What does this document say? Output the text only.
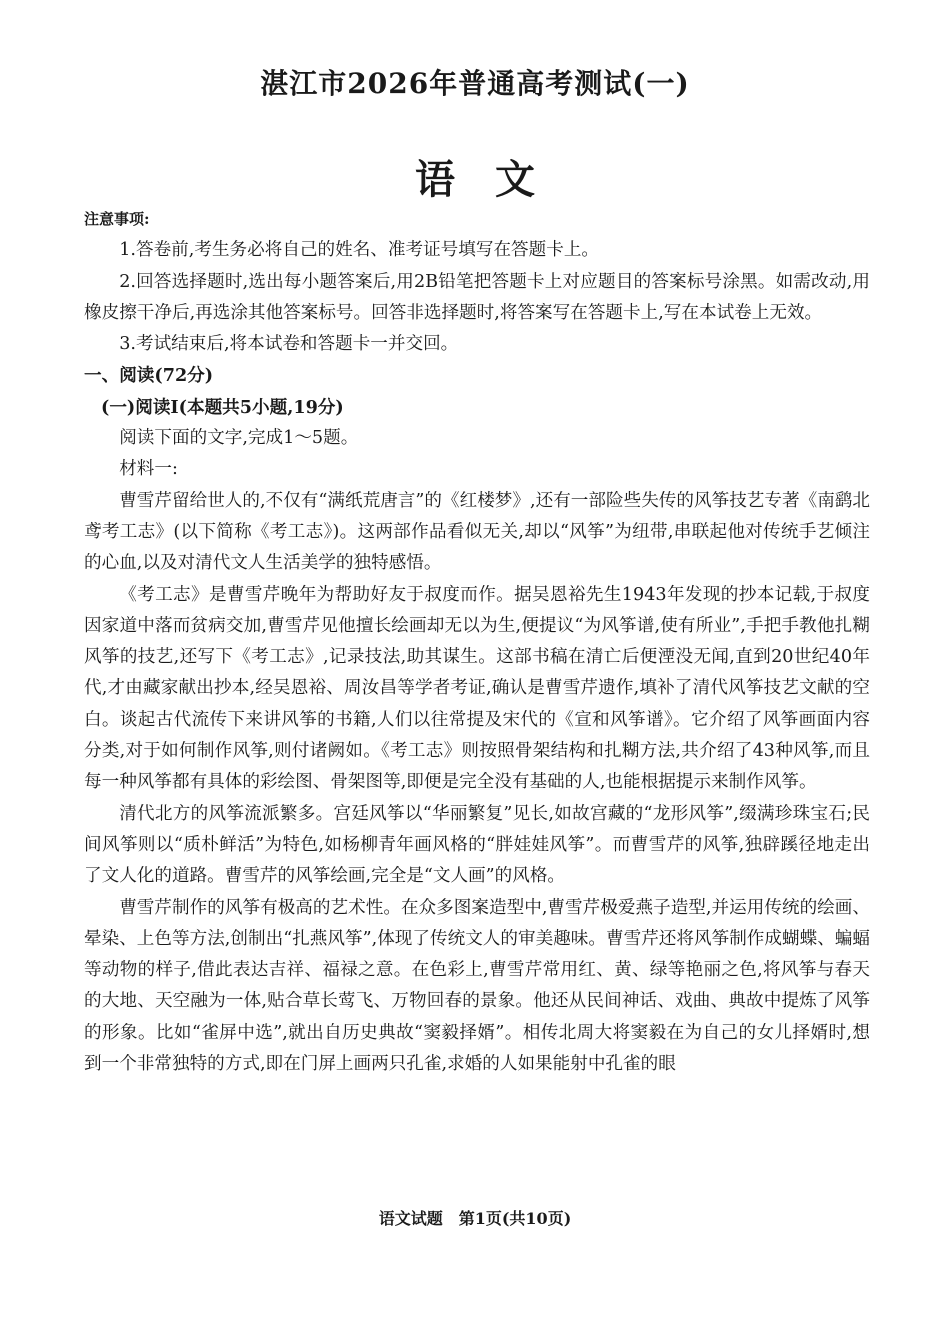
湛江市2026年普通高考测试(一)
语文

注意事项:

1.答卷前,考生务必将自己的姓名、准考证号填写在答题卡上。

2.回答选择题时,选出每小题答案后,用2B铅笔把答题卡上对应题目的答案标号涂黑。如需改动,用橡皮擦干净后,再选涂其他答案标号。回答非选择题时,将答案写在答题卡上,写在本试卷上无效。

3.考试结束后,将本试卷和答题卡一并交回。

一、阅读(72分)

(一)阅读Ⅰ(本题共5小题,19分)

阅读下面的文字,完成1～5题。

材料一:

曹雪芹留给世人的,不仅有“满纸荒唐言”的《红楼梦》,还有一部险些失传的风筝技艺专著《南鹞北鸢考工志》(以下简称《考工志》)。这两部作品看似无关,却以“风筝”为纽带,串联起他对传统手艺倾注的心血,以及对清代文人生活美学的独特感悟。

《考工志》是曹雪芹晚年为帮助好友于叔度而作。据吴恩裕先生1943年发现的抄本记载,于叔度因家道中落而贫病交加,曹雪芹见他擅长绘画却无以为生,便提议“为风筝谱,使有所业”,手把手教他扎糊风筝的技艺,还写下《考工志》,记录技法,助其谋生。这部书稿在清亡后便湮没无闻,直到20世纪40年代,才由藏家献出抄本,经吴恩裕、周汝昌等学者考证,确认是曹雪芹遗作,填补了清代风筝技艺文献的空白。谈起古代流传下来讲风筝的书籍,人们以往常提及宋代的《宣和风筝谱》。它介绍了风筝画面内容分类,对于如何制作风筝,则付诸阙如。《考工志》则按照骨架结构和扎糊方法,共介绍了43种风筝,而且每一种风筝都有具体的彩绘图、骨架图等,即便是完全没有基础的人,也能根据提示来制作风筝。

清代北方的风筝流派繁多。宫廷风筝以“华丽繁复”见长,如故宫藏的“龙形风筝”,缀满珍珠宝石;民间风筝则以“质朴鲜活”为特色,如杨柳青年画风格的“胖娃娃风筝”。而曹雪芹的风筝,独辟蹊径地走出了文人化的道路。曹雪芹的风筝绘画,完全是“文人画”的风格。

曹雪芹制作的风筝有极高的艺术性。在众多图案造型中,曹雪芹极爱燕子造型,并运用传统的绘画、晕染、上色等方法,创制出“扎燕风筝”,体现了传统文人的审美趣味。曹雪芹还将风筝制作成蝴蝶、蝙蝠等动物的样子,借此表达吉祥、福禄之意。在色彩上,曹雪芹常用红、黄、绿等艳丽之色,将风筝与春天的大地、天空融为一体,贴合草长莺飞、万物回春的景象。他还从民间神话、戏曲、典故中提炼了风筝的形象。比如“雀屏中选”,就出自历史典故“窦毅择婿”。相传北周大将窦毅在为自己的女儿择婿时,想到一个非常独特的方式,即在门屏上画两只孔雀,求婚的人如果能射中孔雀的眼

语文试题　第1页(共10页)
